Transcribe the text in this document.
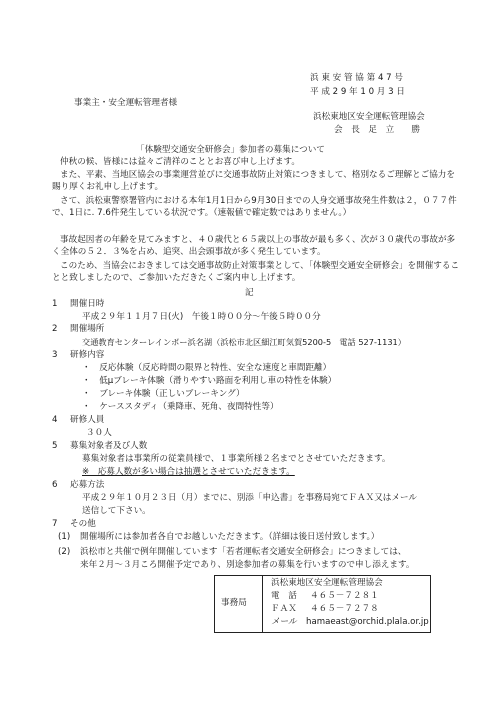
浜 東 安 管 協 第 4 7 号
平 成 2 9 年 1 0 月 3 日
事業主・安全運転管理者様
浜松東地区安全運転管理協会
会　長　足　立　　勝
「体験型交通安全研修会」参加者の募集について
仲秋の候、皆様には益々ご清祥のこととお喜び申し上げます。
また、平素、当地区協会の事業運営並びに交通事故防止対策につきまして、格別なるご理解とご協力を賜り厚くお礼申し上げます。
さて、浜松東警察署管内における本年1月1日から9月30日までの人身交通事故発生件数は２，０７７件で、1日に. 7.6件発生している状況です。（速報値で確定数ではありません。）
事故起因者の年齢を見てみますと、４０歳代と６５歳以上の事故が最も多く、次が３０歳代の事故が多く全体の５２．３%を占め、追突、出会頭事故が多く発生しています。
このため、当協会におきましては交通事故防止対策事業として、「体験型交通安全研修会」を開催することと致しましたので、ご参加いただきたくご案内申し上げます。
記
1 開催日時
平成２９年１１月７日(火)　午後１時００分～午後５時００分
2 開催場所
交通教育センターレインボー浜名湖（浜松市北区細江町気賀5200-5　電話 527-1131）
3 研修内容
・　反応体験（反応時間の限界と特性、安全な速度と車間距離）
・　低μブレーキ体験（滑りやすい路面を利用し車の特性を体験）
・　ブレーキ体験（正しいブレーキング）
・　ケーススタディ（乗降車、死角、夜間特性等）
4 研修人員
３０人
5 募集対象者及び人数
募集対象者は事業所の従業員様で、１事業所様２名までとさせていただきます。
※　応募人数が多い場合は抽選とさせていただきます。
6 応募方法
平成２９年１０月２３日（月）までに、別添「申込書」を事務局宛てＦＡＸ又はメール
送信して下さい。
7 その他
(1) 開催場所には参加者各自でお越しいただきます。（詳細は後日送付致します。）
(2) 浜松市と共催で例年開催しています「若者運転者交通安全研修会」につきましては、
来年２月～３月ころ開催予定であり、別途参加者の募集を行いますので申し添えます。
事務局
浜松東地区安全運転管理協会
電　話 ４６５－７２８１
ＦＡＸ ４６５－７２７８
メール hamaeast@orchid.plala.or.jp
